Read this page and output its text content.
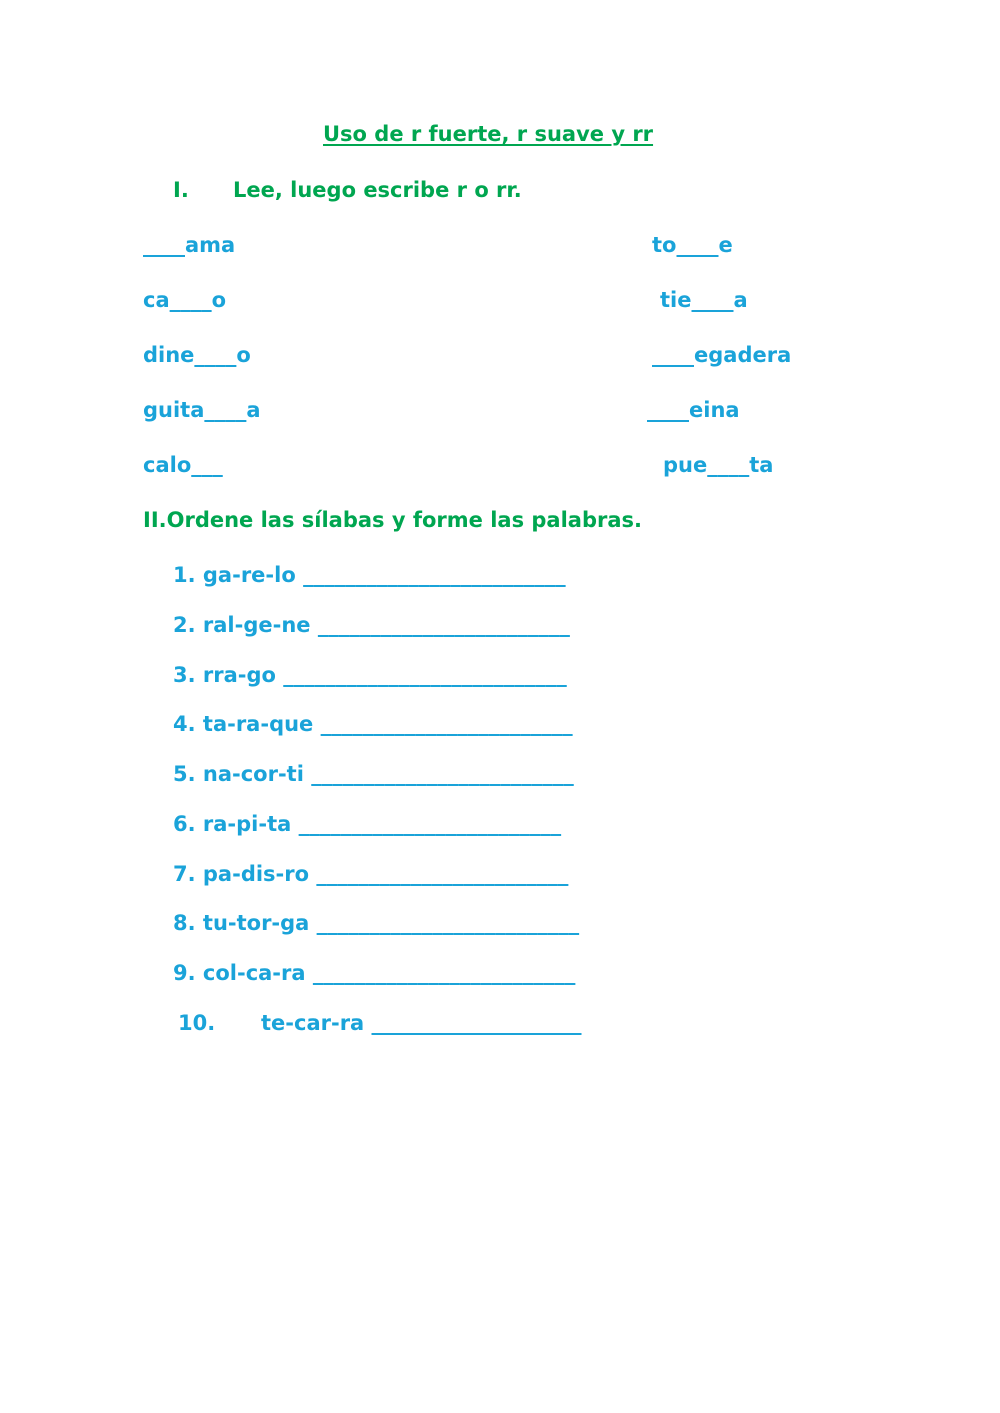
Uso de r fuerte, r suave y rr
I. Lee, luego escribe r o rr.
____ama
ca____o
dine____o
guita____a
calo___
to____e
tie____a
____egadera
____eina
pue____ta
II.Ordene las sílabas y forme las palabras.
1. ga-re-lo _________________________
2. ral-ge-ne ________________________
3. rra-go ___________________________
4. ta-ra-que ________________________
5. na-cor-ti _________________________
6. ra-pi-ta _________________________
7. pa-dis-ro ________________________
8. tu-tor-ga _________________________
9. col-ca-ra _________________________
10. te-car-ra ____________________
